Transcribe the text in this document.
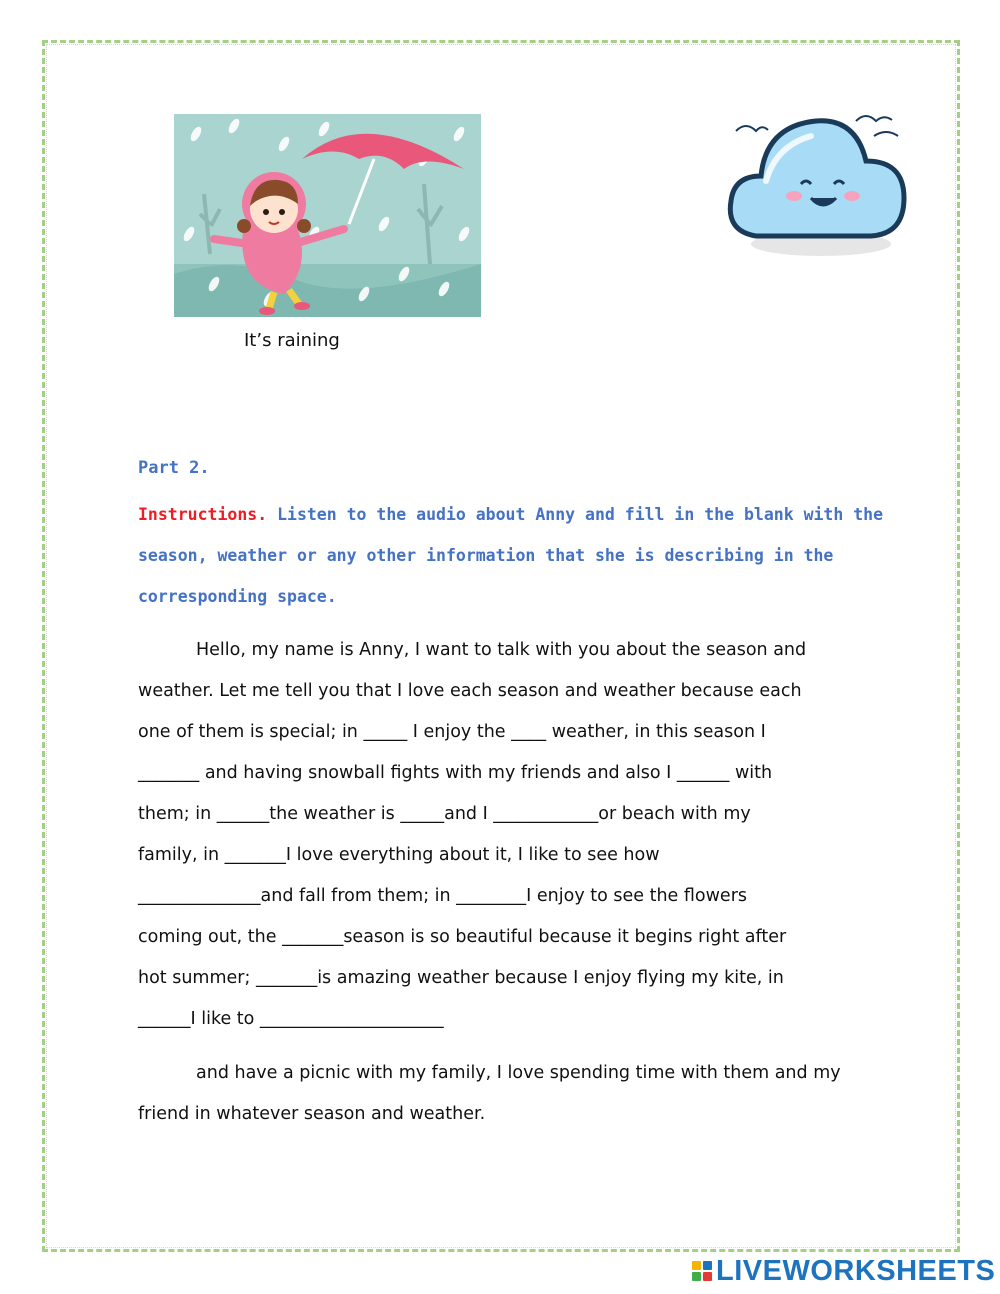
It’s raining
Part 2.
Instructions. Listen to the audio about Anny and fill in the blank with the
season, weather or any other information that she is describing in the
corresponding space.
Hello, my name is Anny, I want to talk with you about the season and
weather. Let me tell you that I love each season and weather because each
one of them is special; in _____ I enjoy the ____ weather, in this season I
_______ and having snowball fights with my friends and also I ______ with
them; in ______the weather is _____and I ____________or beach with my
family, in _______I love everything about it, I like to see how
______________and fall from them; in ________I enjoy to see the flowers
coming out, the _______season is so beautiful because it begins right after
hot summer; _______is amazing weather because I enjoy flying my kite, in
______I like to _____________________
and have a picnic with my family, I love spending time with them and my
friend in whatever season and weather.
LIVEWORKSHEETS
